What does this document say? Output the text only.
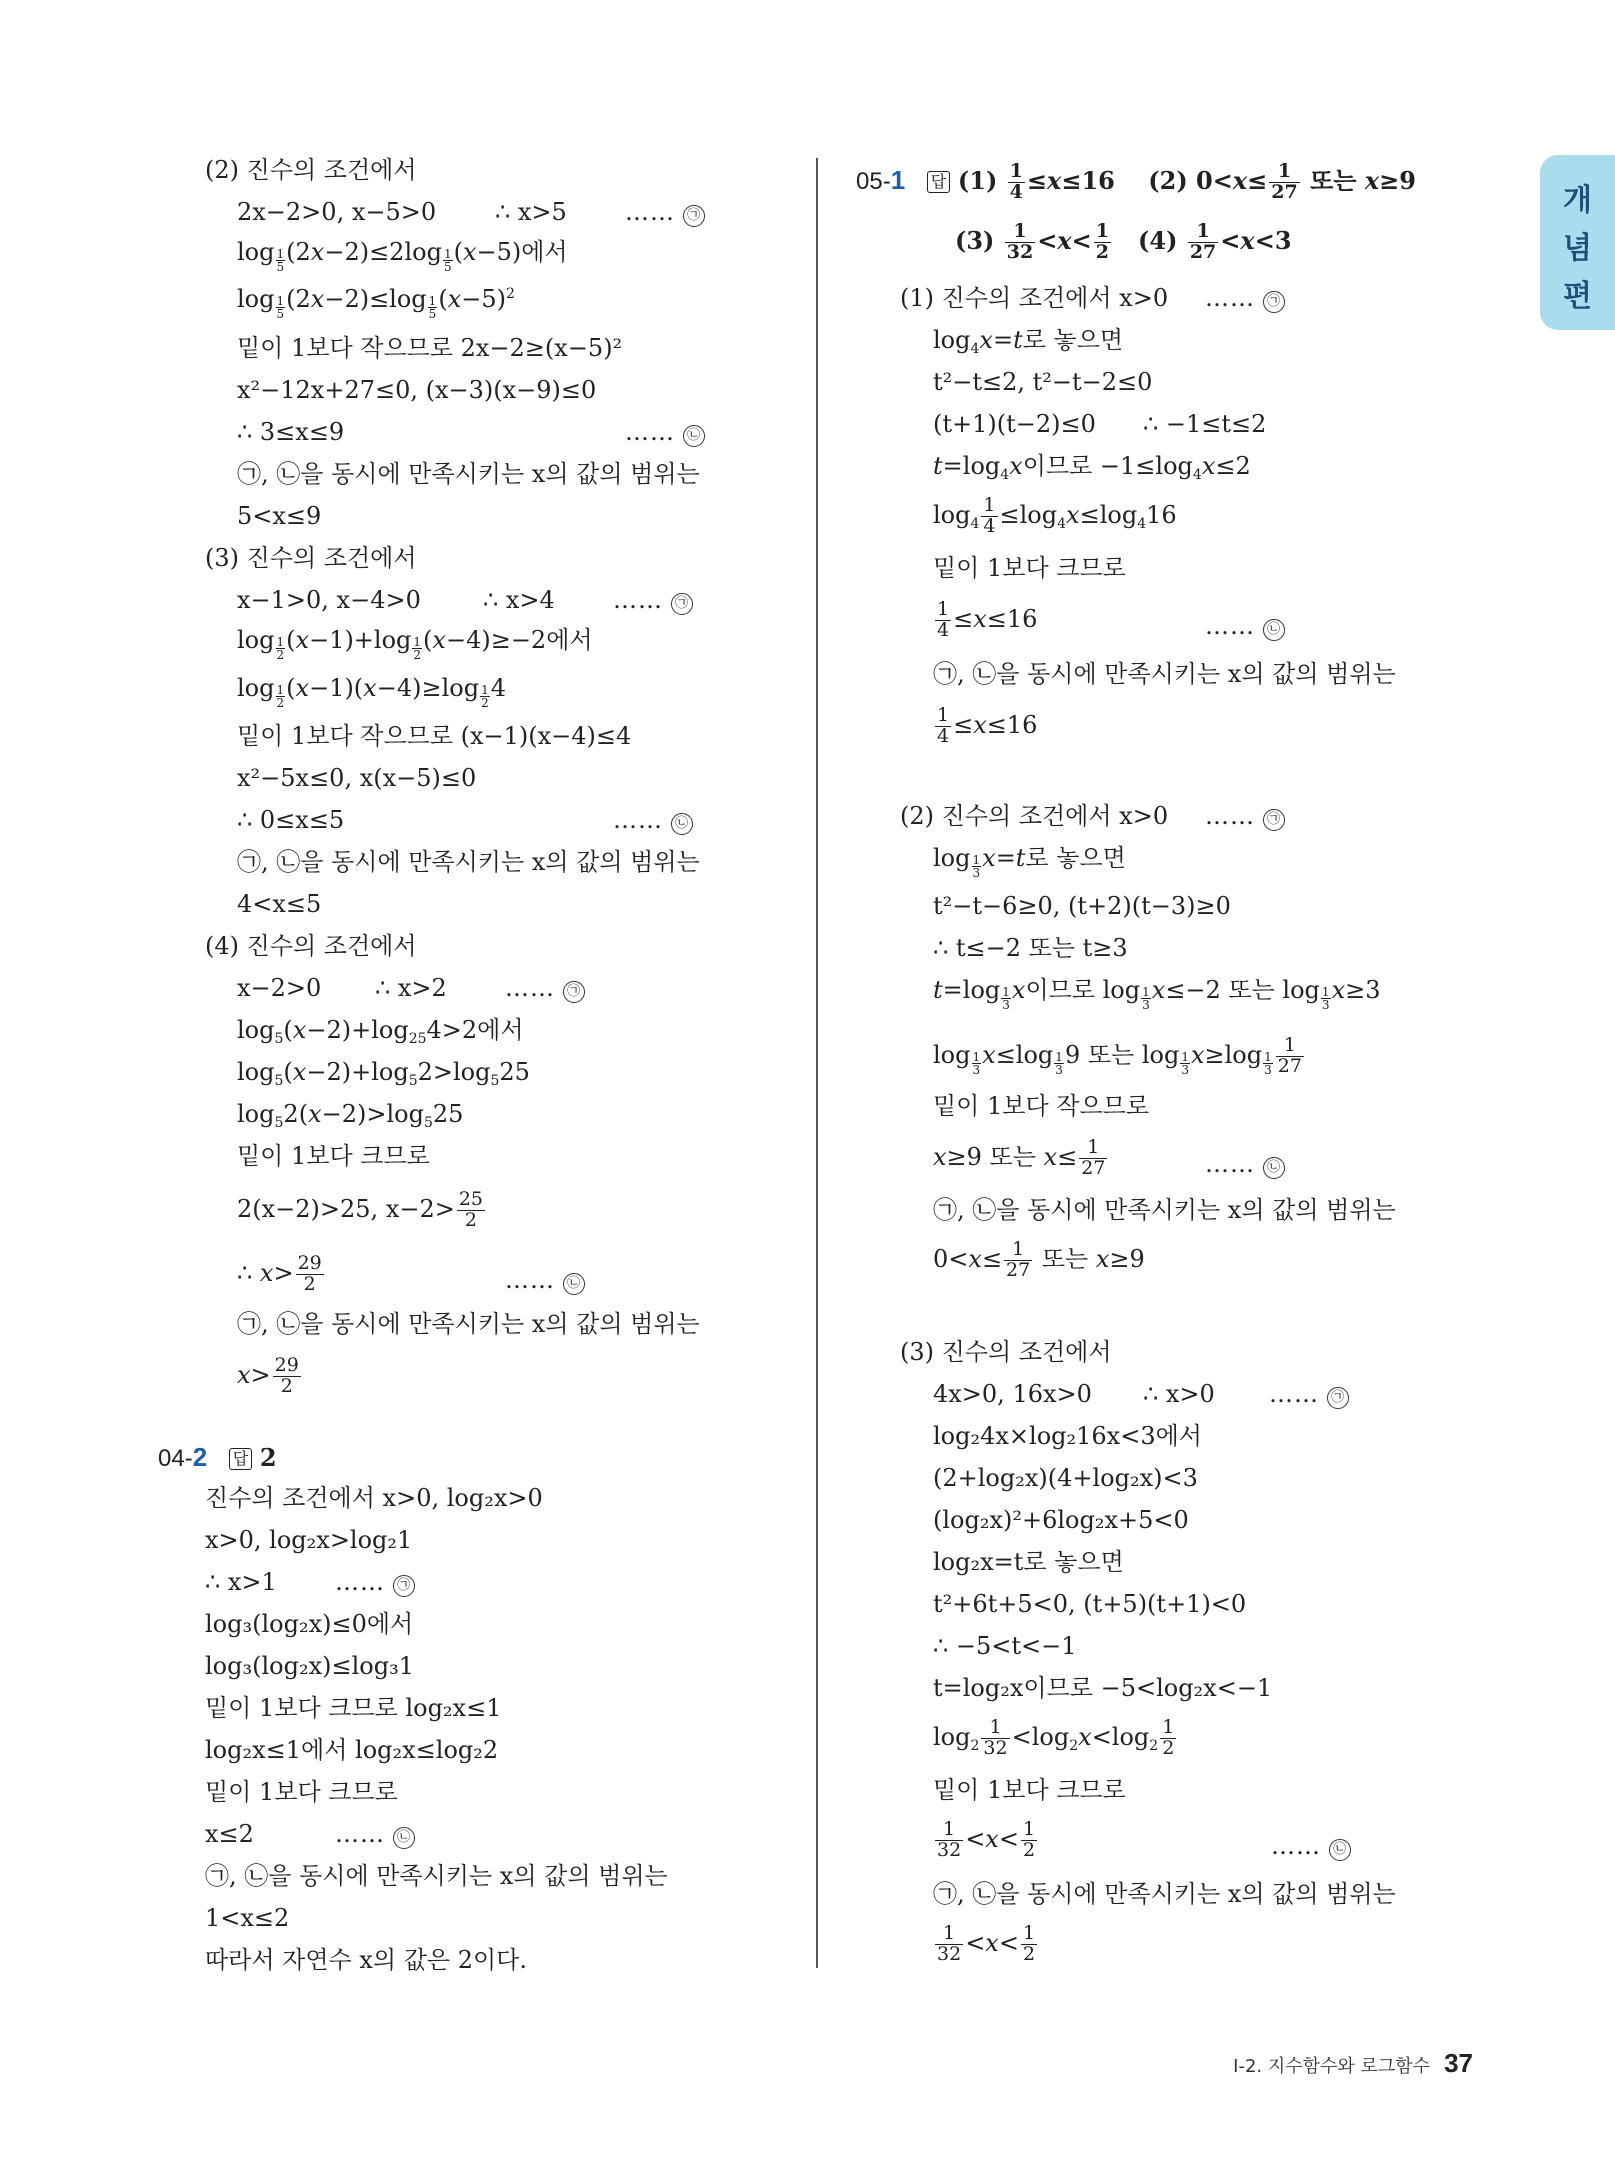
개
념
편
(2) 진수의 조건에서
2x−2>0, x−5>0 ∴ x>5 …… ㉠
log $_{\frac{1}{5}}$ (2x−2)≤2log $_{\frac{1}{5}}$ (x−5)에서
log $_{\frac{1}{5}}$ (2x−2)≤log $_{\frac{1}{5}}$ $(x-5)^2$
밑이 1보다 작으므로 2x−2≥(x−5)²
x²−12x+27≤0, (x−3)(x−9)≤0
∴ 3≤x≤9	…… ㉡
㉠, ㉡을 동시에 만족시키는 x의 값의 범위는
5<x≤9
(3) 진수의 조건에서
x−1>0, x−4>0	∴ x>4 …… ㉠
log $_{\frac{1}{2}}$ (x−1)+log $_{\frac{1}{2}}$ (x−4)≥−2에서
log $_{\frac{1}{2}}$ (x−1)(x−4)≥log $_{\frac{1}{2}}$ 4
밑이 1보다 작으므로 (x−1)(x−4)≤4
x²−5x≤0, x(x−5)≤0
∴ 0≤x≤5	…… ㉡
㉠, ㉡을 동시에 만족시키는 x의 값의 범위는
4<x≤5
(4) 진수의 조건에서
x−2>0 ∴ x>2 …… ㉠
$\log_5(x-2)+\log_{25}4>2$에서
$\log_5(x-2)+\log_52>\log_525$
$\log_52(x-2)>\log_525$
밑이 1보다 크므로
2(x−2)>25, $x-2> \frac{25}{2}$
∴ $x> \frac{29}{2}$	…… ㉡
㉠, ㉡을 동시에 만족시키는 x의 값의 범위는
$x> \frac{29}{2}$
04-2 답 2
진수의 조건에서 x>0, log₂x>0
x>0, log₂x>log₂1
∴ x>1 …… ㉠
log₃(log₂x)≤0에서
log₃(log₂x)≤log₃1
밑이 1보다 크므로 log₂x≤1
log₂x≤1에서 log₂x≤log₂2
밑이 1보다 크므로
x≤2	…… ㉡
㉠, ㉡을 동시에 만족시키는 x의 값의 범위는
1<x≤2
따라서 자연수 x의 값은 2이다.
05-1 답 $(1) \frac{1}{4} \le x\le 16$    (2) $0<x\le \frac{1}{27}$ 또는 x≥9
$(3) \frac{1}{32} <x< \frac{1}{2} (4) \frac{1}{27} <x<3$
(1) 진수의 조건에서 x>0 …… ㉠
$\log_4x=t$로 놓으면
t²−t≤2, t²−t−2≤0
(t+1)(t−2)≤0 ∴ −1≤t≤2
$t=\log_4x$이므로 $-1\le\log_4x\le 2$
$\log_4 \frac{1}{4} \le\log_4x\le\log_416$
밑이 1보다 크므로
$\frac{1}{4} \le x\le 16$	…… ㉡
㉠, ㉡을 동시에 만족시키는 x의 값의 범위는
$\frac{1}{4} \le x\le 16$
(2) 진수의 조건에서 x>0 …… ㉠
log $_{\frac{1}{3}}$ x=t로 놓으면
t²−t−6≥0, (t+2)(t−3)≥0
∴ t≤−2 또는 t≥3
t=log $_{\frac{1}{3}}$ x이므로 log $_{\frac{1}{3}}$ x≤−2 또는 log $_{\frac{1}{3}}$ x≥3
log $_{\frac{1}{3}}$ x≤log $_{\frac{1}{3}}$ 9 또는 log $_{\frac{1}{3}}$ x≥log $_{\frac{1}{3}} \frac{1}{27}$
밑이 1보다 작으므로
x≥9 또는 $x\le \frac{1}{27}$	…… ㉡
㉠, ㉡을 동시에 만족시키는 x의 값의 범위는
$0<x\le \frac{1}{27}$ 또는 x≥9
(3) 진수의 조건에서
4x>0, 16x>0 ∴ x>0 …… ㉠
log₂4x×log₂16x<3에서
(2+log₂x)(4+log₂x)<3
(log₂x)²+6log₂x+5<0
log₂x=t로 놓으면
t²+6t+5<0, (t+5)(t+1)<0
∴ −5<t<−1
t=log₂x이므로 −5<log₂x<−1
$\log_2 \frac{1}{32} <\log_2x<\log_2 \frac{1}{2}$
밑이 1보다 크므로
$\frac{1}{32} <x< \frac{1}{2}$	…… ㉡
㉠, ㉡을 동시에 만족시키는 x의 값의 범위는
$\frac{1}{32} <x< \frac{1}{2}$
Ⅰ-2. 지수함수와 로그함수 37
